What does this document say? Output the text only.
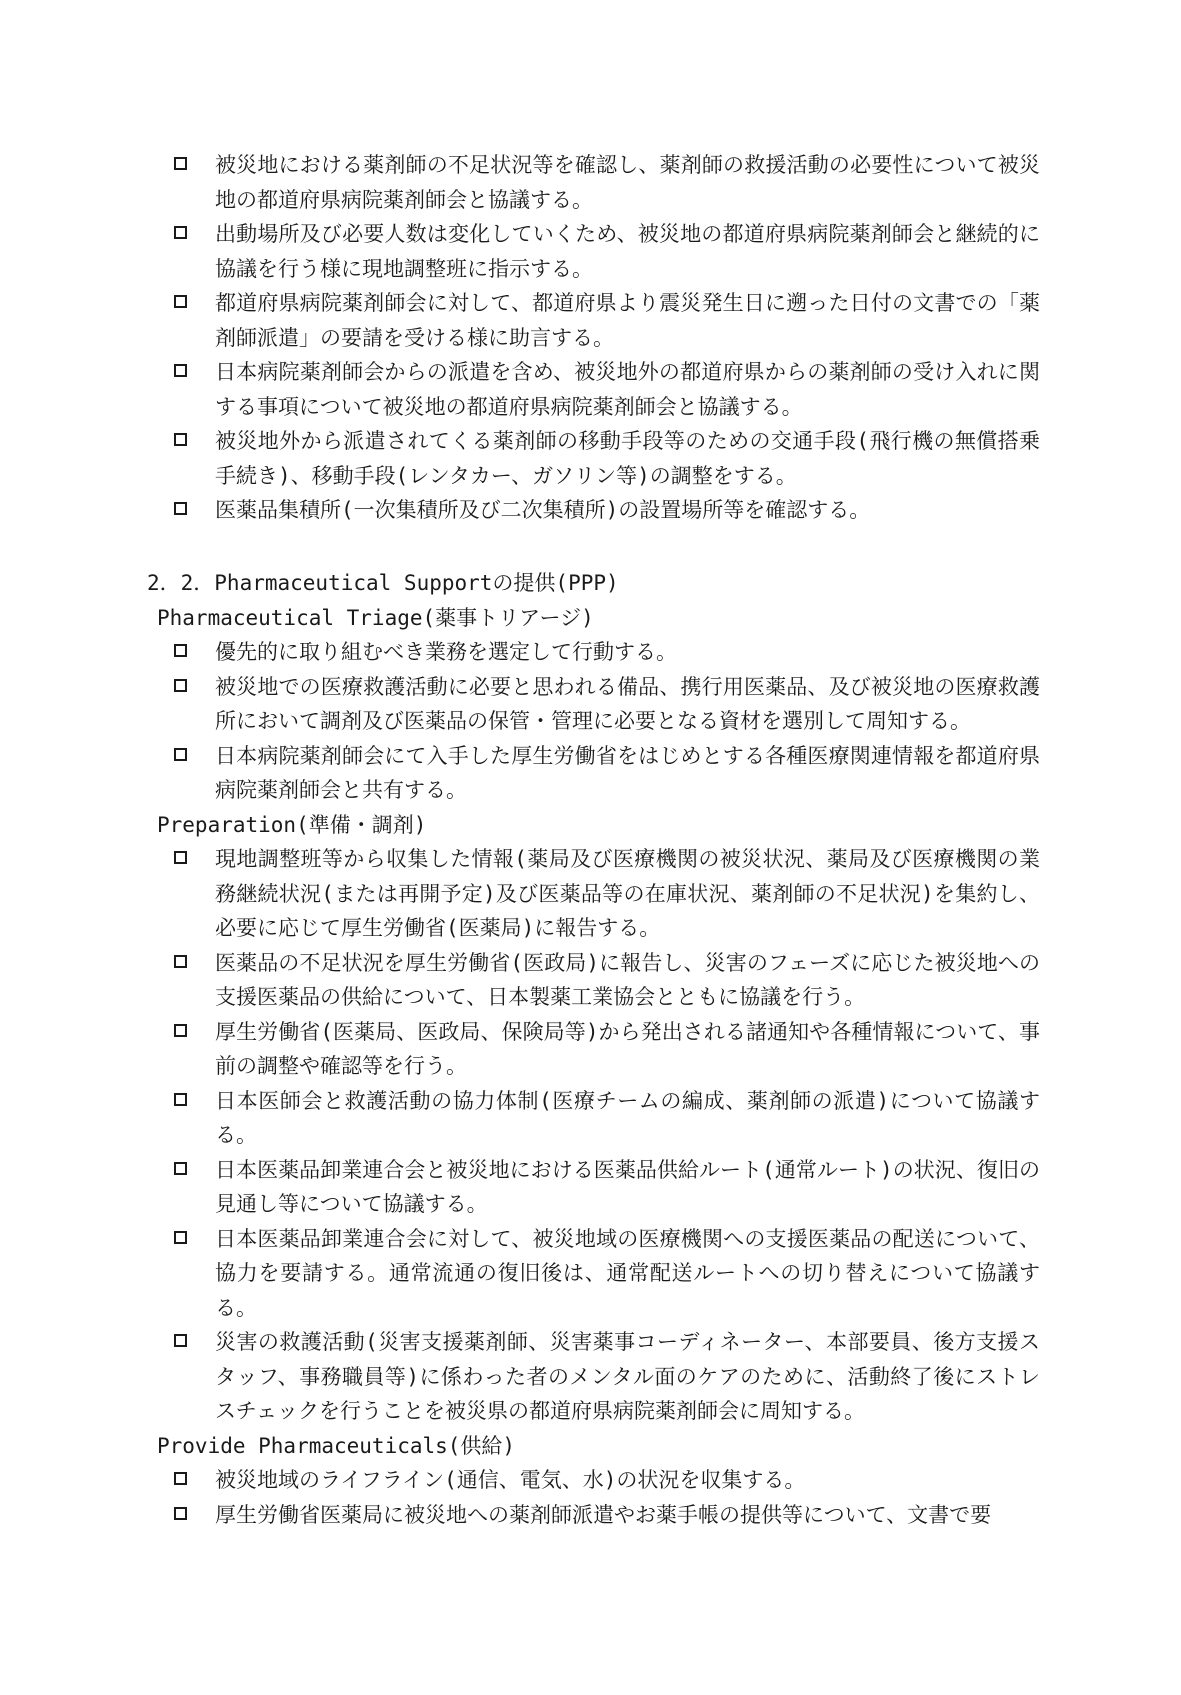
被災地における薬剤師の不足状況等を確認し、薬剤師の救援活動の必要性について被災地の都道府県病院薬剤師会と協議する。
出動場所及び必要人数は変化していくため、被災地の都道府県病院薬剤師会と継続的に協議を行う様に現地調整班に指示する。
都道府県病院薬剤師会に対して、都道府県より震災発生日に遡った日付の文書での「薬剤師派遣」の要請を受ける様に助言する。
日本病院薬剤師会からの派遣を含め、被災地外の都道府県からの薬剤師の受け入れに関する事項について被災地の都道府県病院薬剤師会と協議する。
被災地外から派遣されてくる薬剤師の移動手段等のための交通手段(飛行機の無償搭乗手続き)、移動手段(レンタカー、ガソリン等)の調整をする。
医薬品集積所(一次集積所及び二次集積所)の設置場所等を確認する。
2．2．Pharmaceutical Supportの提供(PPP)
Pharmaceutical Triage(薬事トリアージ)
優先的に取り組むべき業務を選定して行動する。
被災地での医療救護活動に必要と思われる備品、携行用医薬品、及び被災地の医療救護所において調剤及び医薬品の保管・管理に必要となる資材を選別して周知する。
日本病院薬剤師会にて入手した厚生労働省をはじめとする各種医療関連情報を都道府県病院薬剤師会と共有する。
Preparation(準備・調剤)
現地調整班等から収集した情報(薬局及び医療機関の被災状況、薬局及び医療機関の業務継続状況(または再開予定)及び医薬品等の在庫状況、薬剤師の不足状況)を集約し、必要に応じて厚生労働省(医薬局)に報告する。
医薬品の不足状況を厚生労働省(医政局)に報告し、災害のフェーズに応じた被災地への支援医薬品の供給について、日本製薬工業協会とともに協議を行う。
厚生労働省(医薬局、医政局、保険局等)から発出される諸通知や各種情報について、事前の調整や確認等を行う。
日本医師会と救護活動の協力体制(医療チームの編成、薬剤師の派遣)について協議する。
日本医薬品卸業連合会と被災地における医薬品供給ルート(通常ルート)の状況、復旧の見通し等について協議する。
日本医薬品卸業連合会に対して、被災地域の医療機関への支援医薬品の配送について、協力を要請する。通常流通の復旧後は、通常配送ルートへの切り替えについて協議する。
災害の救護活動(災害支援薬剤師、災害薬事コーディネーター、本部要員、後方支援スタッフ、事務職員等)に係わった者のメンタル面のケアのために、活動終了後にストレスチェックを行うことを被災県の都道府県病院薬剤師会に周知する。
Provide Pharmaceuticals(供給)
被災地域のライフライン(通信、電気、水)の状況を収集する。
厚生労働省医薬局に被災地への薬剤師派遣やお薬手帳の提供等について、文書で要
